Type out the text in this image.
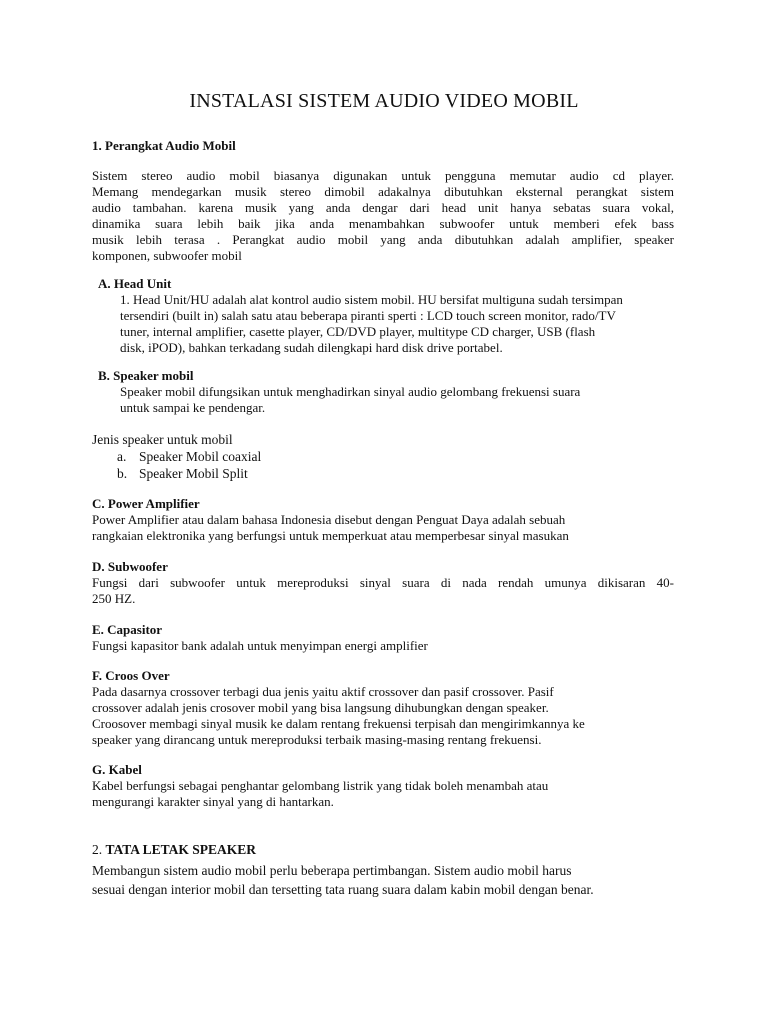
INSTALASI SISTEM AUDIO VIDEO MOBIL
1. Perangkat Audio Mobil
Sistem stereo audio mobil biasanya digunakan untuk pengguna memutar audio cd player.
Memang mendegarkan musik stereo dimobil adakalnya dibutuhkan eksternal perangkat sistem
audio tambahan. karena musik yang anda dengar dari head unit hanya sebatas suara vokal,
dinamika suara lebih baik jika anda menambahkan subwoofer untuk memberi efek bass
musik lebih terasa . Perangkat audio mobil yang anda dibutuhkan adalah amplifier, speaker
komponen, subwoofer mobil
A. Head Unit
1. Head Unit/HU adalah alat kontrol audio sistem mobil. HU bersifat multiguna sudah tersimpan
tersendiri (built in) salah satu atau beberapa piranti sperti : LCD touch screen monitor, rado/TV
tuner, internal amplifier, casette player, CD/DVD player, multitype CD charger, USB (flash
disk, iPOD), bahkan terkadang sudah dilengkapi hard disk drive portabel.
B. Speaker mobil
Speaker mobil difungsikan untuk menghadirkan sinyal audio gelombang frekuensi suara
untuk sampai ke pendengar.
Jenis speaker untuk mobil
a. Speaker Mobil coaxial
b. Speaker Mobil Split
C. Power Amplifier
Power Amplifier atau dalam bahasa Indonesia disebut dengan Penguat Daya adalah sebuah
rangkaian elektronika yang berfungsi untuk memperkuat atau memperbesar sinyal masukan
D. Subwoofer
Fungsi dari subwoofer untuk mereproduksi sinyal suara di nada rendah umunya dikisaran 40-
250 HZ.
E. Capasitor
Fungsi kapasitor bank adalah untuk menyimpan energi amplifier
F. Croos Over
Pada dasarnya crossover terbagi dua jenis yaitu aktif crossover dan pasif crossover. Pasif
crossover adalah jenis crosover mobil yang bisa langsung dihubungkan dengan speaker.
Croosover membagi sinyal musik ke dalam rentang frekuensi terpisah dan mengirimkannya ke
speaker yang dirancang untuk mereproduksi terbaik masing-masing rentang frekuensi.
G. Kabel
Kabel berfungsi sebagai penghantar gelombang listrik yang tidak boleh menambah atau
mengurangi karakter sinyal yang di hantarkan.
2. TATA LETAK SPEAKER
Membangun sistem audio mobil perlu beberapa pertimbangan. Sistem audio mobil harus
sesuai dengan interior mobil dan tersetting tata ruang suara dalam kabin mobil dengan benar.
